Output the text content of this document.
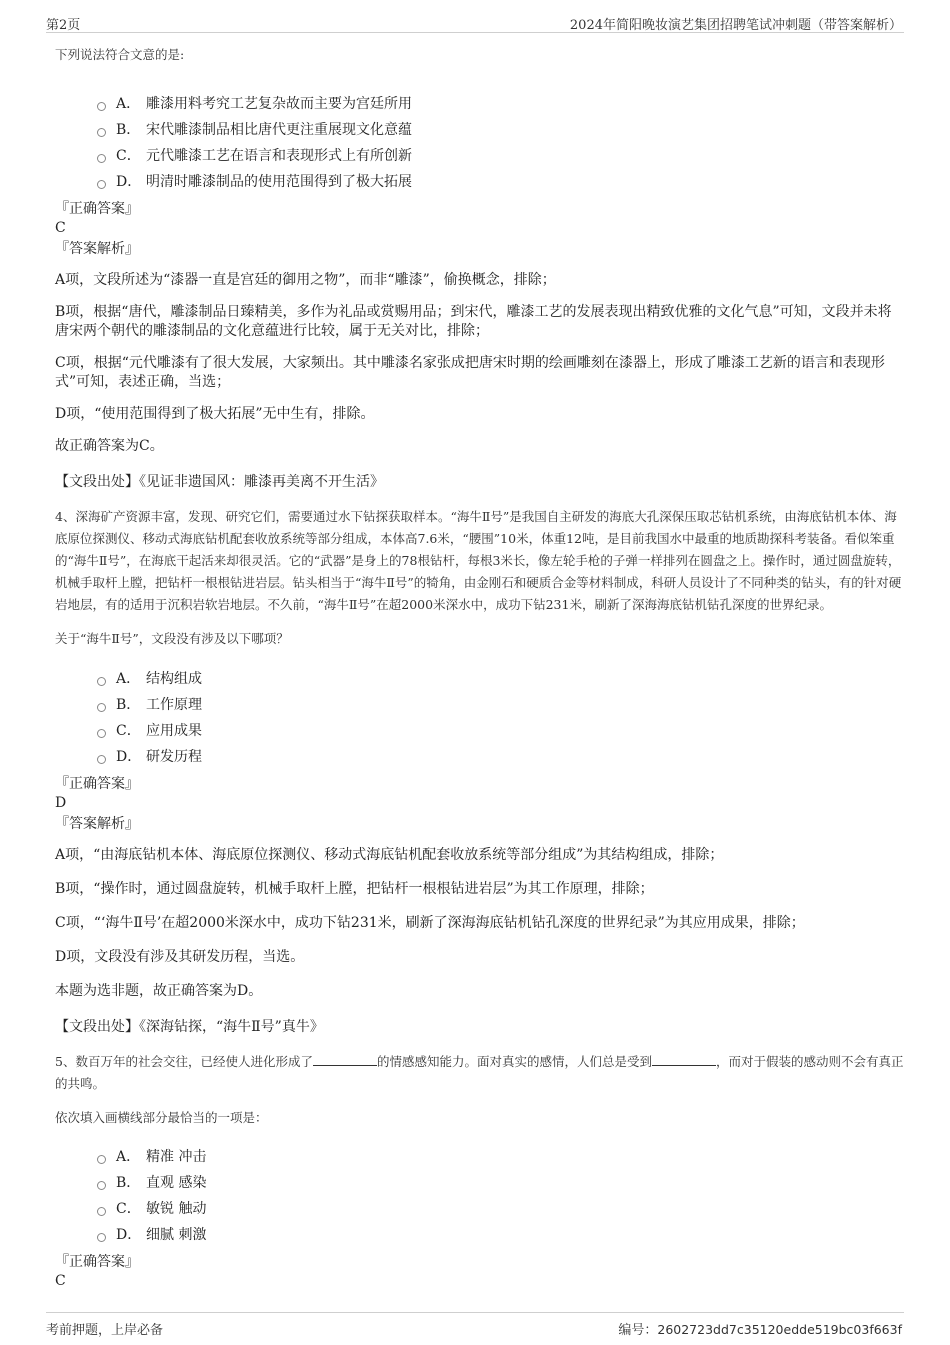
第2页	2024年简阳晚妆演艺集团招聘笔试冲刺题（带答案解析）
下列说法符合文意的是:
A． 雕漆用料考究工艺复杂故而主要为宫廷所用
B． 宋代雕漆制品相比唐代更注重展现文化意蕴
C． 元代雕漆工艺在语言和表现形式上有所创新
D． 明清时雕漆制品的使用范围得到了极大拓展
『正确答案』
C
『答案解析』

A项，文段所述为“漆器一直是宫廷的御用之物”，而非“雕漆”，偷换概念，排除；

B项，根据“唐代，雕漆制品日臻精美，多作为礼品或赏赐用品；到宋代，雕漆工艺的发展表现出精致优雅的文化气息”可知，文段并未将唐宋两个朝代的雕漆制品的文化意蕴进行比较，属于无关对比，排除；

C项，根据“元代雕漆有了很大发展，大家频出。其中雕漆名家张成把唐宋时期的绘画雕刻在漆器上，形成了雕漆工艺新的语言和表现形式”可知，表述正确，当选；

D项，“使用范围得到了极大拓展”无中生有，排除。

故正确答案为C。

【文段出处】《见证非遗国风：雕漆再美离不开生活》

4、深海矿产资源丰富，发现、研究它们，需要通过水下钻探获取样本。“海牛Ⅱ号”是我国自主研发的海底大孔深保压取芯钻机系统，由海底钻机本体、海底原位探测仪、移动式海底钻机配套收放系统等部分组成，本体高7.6米，“腰围”10米，体重12吨，是目前我国水中最重的地质勘探科考装备。看似笨重的“海牛Ⅱ号”，在海底干起活来却很灵活。它的“武器”是身上的78根钻杆，每根3米长，像左轮手枪的子弹一样排列在圆盘之上。操作时，通过圆盘旋转，机械手取杆上膛，把钻杆一根根钻进岩层。钻头相当于“海牛Ⅱ号”的犄角，由金刚石和硬质合金等材料制成，科研人员设计了不同种类的钻头，有的针对硬岩地层，有的适用于沉积岩软岩地层。不久前，“海牛Ⅱ号”在超2000米深水中，成功下钻231米，刷新了深海海底钻机钻孔深度的世界纪录。

关于“海牛Ⅱ号”，文段没有涉及以下哪项？
A． 结构组成
B． 工作原理
C． 应用成果
D． 研发历程
『正确答案』
D
『答案解析』

A项，“由海底钻机本体、海底原位探测仪、移动式海底钻机配套收放系统等部分组成”为其结构组成，排除；

B项，“操作时，通过圆盘旋转，机械手取杆上膛，把钻杆一根根钻进岩层”为其工作原理，排除；

C项，“‘海牛Ⅱ号’在超2000米深水中，成功下钻231米，刷新了深海海底钻机钻孔深度的世界纪录”为其应用成果，排除；

D项，文段没有涉及其研发历程，当选。

本题为选非题，故正确答案为D。

【文段出处】《深海钻探，“海牛Ⅱ号”真牛》

5、数百万年的社会交往，已经使人进化形成了	的情感感知能力。面对真实的感情，人们总是受到	，而对于假装的感动则不会有真正的共鸣。

依次填入画横线部分最恰当的一项是：
A． 精准 冲击
B． 直观 感染
C． 敏锐 触动
D． 细腻 刺激
『正确答案』
C
考前押题，上岸必备	编号：2602723dd7c35120edde519bc03f663f
